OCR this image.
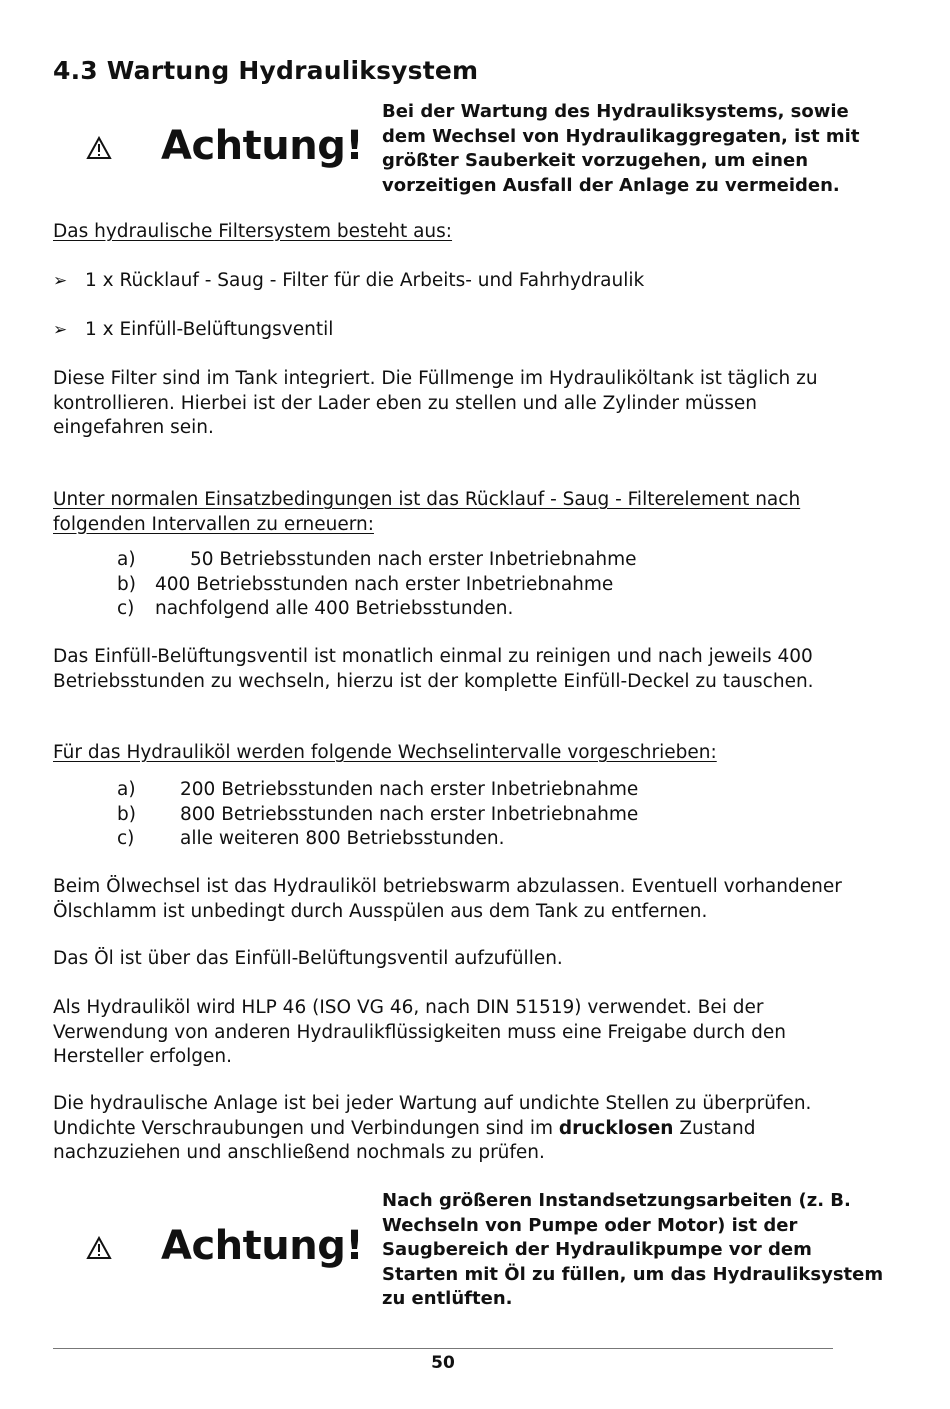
4.3 Wartung Hydrauliksystem
Achtung!
Bei der Wartung des Hydrauliksystems, sowie dem Wechsel von Hydraulikaggregaten, ist mit größter Sauberkeit vorzugehen, um einen vorzeitigen Ausfall der Anlage zu vermeiden.
Das hydraulische Filtersystem besteht aus:
➢ 1 x Rücklauf - Saug - Filter für die Arbeits- und Fahrhydraulik
➢ 1 x Einfüll-Belüftungsventil
Diese Filter sind im Tank integriert. Die Füllmenge im Hydrauliköltank ist täglich zu kontrollieren. Hierbei ist der Lader eben zu stellen und alle Zylinder müssen eingefahren sein.
Unter normalen Einsatzbedingungen ist das Rücklauf - Saug - Filterelement nach folgenden Intervallen zu erneuern:
a)	50 Betriebsstunden nach erster Inbetriebnahme
b) 400 Betriebsstunden nach erster Inbetriebnahme
c) nachfolgend alle 400 Betriebsstunden.
Das Einfüll-Belüftungsventil ist monatlich einmal zu reinigen und nach jeweils 400 Betriebsstunden zu wechseln, hierzu ist der komplette Einfüll-Deckel zu tauschen.
Für das Hydrauliköl werden folgende Wechselintervalle vorgeschrieben:
a) 200 Betriebsstunden nach erster Inbetriebnahme
b) 800 Betriebsstunden nach erster Inbetriebnahme
c) alle weiteren 800 Betriebsstunden.
Beim Ölwechsel ist das Hydrauliköl betriebswarm abzulassen. Eventuell vorhandener Ölschlamm ist unbedingt durch Ausspülen aus dem Tank zu entfernen.
Das Öl ist über das Einfüll-Belüftungsventil aufzufüllen.
Als Hydrauliköl wird HLP 46 (ISO VG 46, nach DIN 51519) verwendet. Bei der Verwendung von anderen Hydraulikflüssigkeiten muss eine Freigabe durch den Hersteller erfolgen.
Die hydraulische Anlage ist bei jeder Wartung auf undichte Stellen zu überprüfen. Undichte Verschraubungen und Verbindungen sind im drucklosen Zustand nachzuziehen und anschließend nochmals zu prüfen.
Achtung!
Nach größeren Instandsetzungsarbeiten (z. B. Wechseln von Pumpe oder Motor) ist der Saugbereich der Hydraulikpumpe vor dem Starten mit Öl zu füllen, um das Hydrauliksystem zu entlüften.
50
